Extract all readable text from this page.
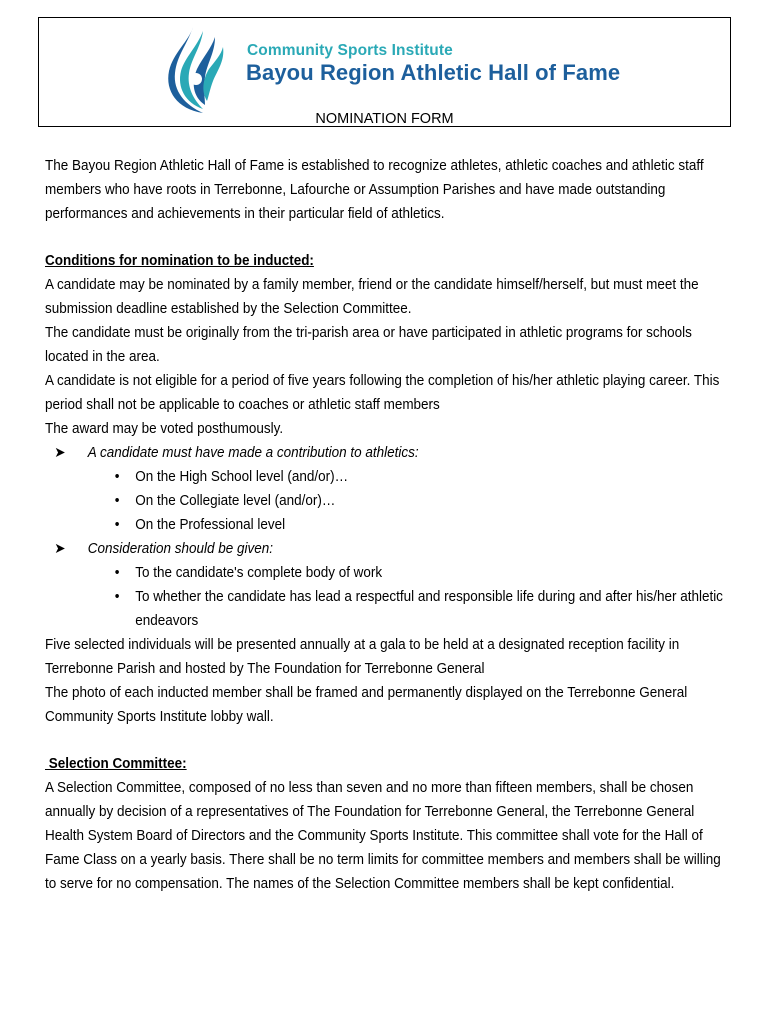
Community Sports Institute
Bayou Region Athletic Hall of Fame
NOMINATION FORM

The Bayou Region Athletic Hall of Fame is established to recognize athletes, athletic coaches and athletic staff members who have roots in Terrebonne, Lafourche or Assumption Parishes and have made outstanding performances and achievements in their particular field of athletics.

Conditions for nomination to be inducted:

A candidate may be nominated by a family member, friend or the candidate himself/herself, but must meet the submission deadline established by the Selection Committee.

The candidate must be originally from the tri-parish area or have participated in athletic programs for schools located in the area.

A candidate is not eligible for a period of five years following the completion of his/her athletic playing career. This period shall not be applicable to coaches or athletic staff members

The award may be voted posthumously.

➤ A candidate must have made a contribution to athletics:
• On the High School level (and/or)…
• On the Collegiate level (and/or)…
• On the Professional level
➤ Consideration should be given:
• To the candidate's complete body of work
• To whether the candidate has lead a respectful and responsible life during and after his/her athletic endeavors

Five selected individuals will be presented annually at a gala to be held at a designated reception facility in Terrebonne Parish and hosted by The Foundation for Terrebonne General

The photo of each inducted member shall be framed and permanently displayed on the Terrebonne General Community Sports Institute lobby wall.

Selection Committee:

A Selection Committee, composed of no less than seven and no more than fifteen members, shall be chosen annually by decision of a representatives of The Foundation for Terrebonne General, the Terrebonne General Health System Board of Directors and the Community Sports Institute. This committee shall vote for the Hall of Fame Class on a yearly basis. There shall be no term limits for committee members and members shall be willing to serve for no compensation. The names of the Selection Committee members shall be kept confidential.
